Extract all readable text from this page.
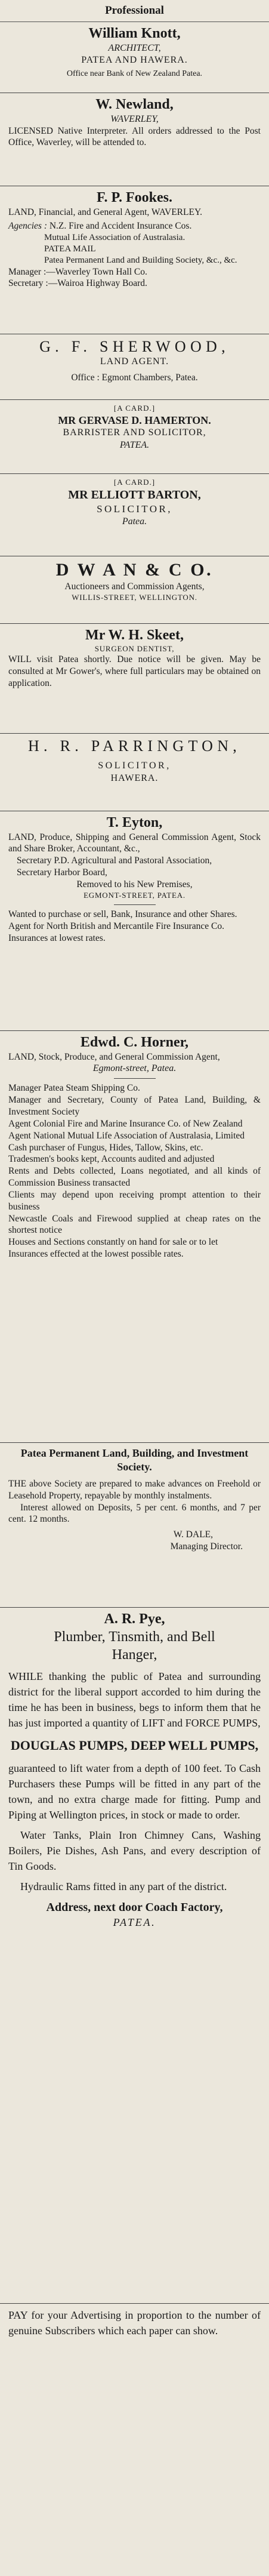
Professional

William Knott,

ARCHITECT,

PATEA AND HAWERA.

Office near Bank of New Zealand Patea.

W. Newland,

WAVERLEY,

LICENSED Native Interpreter. All orders addressed to the Post Office, Waverley, will be attended to.

F. P. Fookes.

LAND, Financial, and General Agent, WAVERLEY.

Agencies : N.Z. Fire and Accident Insurance Cos.

Mutual Life Association of Australasia.

PATEA MAIL

Patea Permanent Land and Building Society, &c., &c.

Manager :—Waverley Town Hall Co.

Secretary :—Wairoa Highway Board.

G. F. SHERWOOD,

LAND AGENT.

Office : Egmont Chambers, Patea.

[A CARD.]

MR GERVASE D. HAMERTON.

BARRISTER AND SOLICITOR,

PATEA.

[A CARD.]

MR ELLIOTT BARTON,

SOLICITOR,

Patea.

D W A N & C O.

Auctioneers and Commission Agents,

WILLIS-STREET, WELLINGTON.

Mr W. H. Skeet,

SURGEON DENTIST,

WILL visit Patea shortly. Due notice will be given. May be consulted at Mr Gower's, where full particulars may be obtained on application.

H. R. PARRINGTON,

SOLICITOR,

HAWERA.

T. Eyton,

LAND, Produce, Shipping and General Commission Agent, Stock and Share Broker, Accountant, &c.,

Secretary P.D. Agricultural and Pastoral Association,

Secretary Harbor Board,

Removed to his New Premises,

EGMONT-STREET, PATEA.

Wanted to purchase or sell, Bank, Insurance and other Shares.

Agent for North British and Mercantile Fire Insurance Co.

Insurances at lowest rates.

Edwd. C. Horner,

LAND, Stock, Produce, and General Commission Agent,

Egmont-street, Patea.

Manager Patea Steam Shipping Co.

Manager and Secretary, County of Patea Land, Building, & Investment Society

Agent Colonial Fire and Marine Insurance Co. of New Zealand

Agent National Mutual Life Association of Australasia, Limited

Cash purchaser of Fungus, Hides, Tallow, Skins, etc.

Tradesmen's books kept, Accounts audited and adjusted

Rents and Debts collected, Loans negotiated, and all kinds of Commission Business transacted

Clients may depend upon receiving prompt attention to their business

Newcastle Coals and Firewood supplied at cheap rates on the shortest notice

Houses and Sections constantly on hand for sale or to let

Insurances effected at the lowest possible rates.

Patea Permanent Land, Building, and Investment Society.

THE above Society are prepared to make advances on Freehold or Leasehold Property, repayable by monthly instalments.

Interest allowed on Deposits, 5 per cent. 6 months, and 7 per cent. 12 months.

W. DALE,

Managing Director.

A. R. Pye,

Plumber, Tinsmith, and Bell

Hanger,

WHILE thanking the public of Patea and surrounding district for the liberal support accorded to him during the time he has been in business, begs to inform them that he has just imported a quantity of LIFT and FORCE PUMPS,

DOUGLAS PUMPS, DEEP WELL PUMPS,

guaranteed to lift water from a depth of 100 feet. To Cash Purchasers these Pumps will be fitted in any part of the town, and no extra charge made for fitting. Pump and Piping at Wellington prices, in stock or made to order.

Water Tanks, Plain Iron Chimney Cans, Washing Boilers, Pie Dishes, Ash Pans, and every description of Tin Goods.

Hydraulic Rams fitted in any part of the district.

Address, next door Coach Factory,

PATEA.

PAY for your Advertising in proportion to the number of genuine Subscribers which each paper can show.
